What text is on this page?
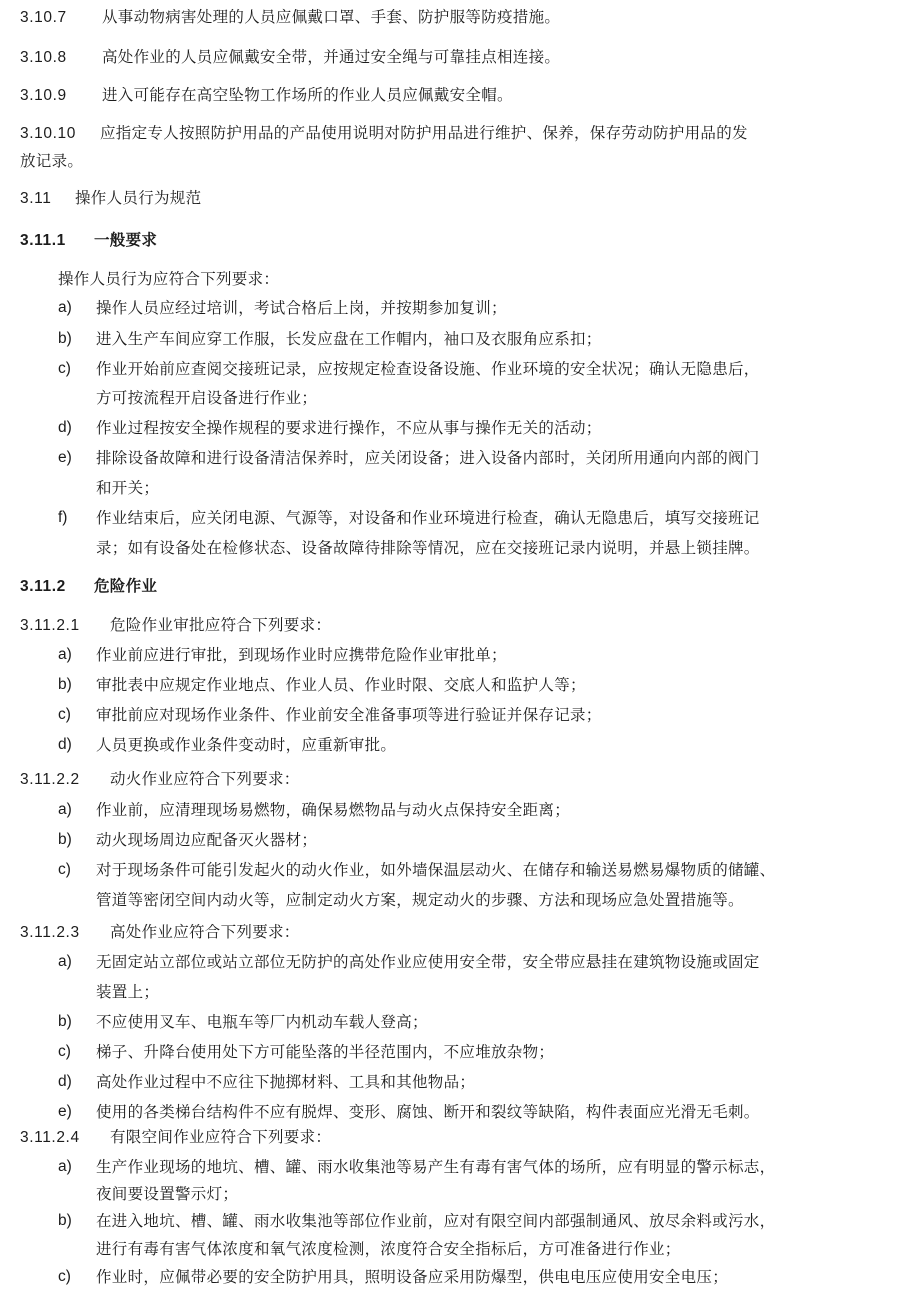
3.10.7 从事动物病害处理的人员应佩戴口罩、手套、防护服等防疫措施。
3.10.8 高处作业的人员应佩戴安全带，并通过安全绳与可靠挂点相连接。
3.10.9 进入可能存在高空坠物工作场所的作业人员应佩戴安全帽。
3.10.10 应指定专人按照防护用品的产品使用说明对防护用品进行维护、保养，保存劳动防护用品的发
放记录。
3.11 操作人员行为规范
3.11.1 一般要求
操作人员行为应符合下列要求：
a) 操作人员应经过培训，考试合格后上岗，并按期参加复训；
b) 进入生产车间应穿工作服，长发应盘在工作帽内，袖口及衣服角应系扣；
c) 作业开始前应查阅交接班记录，应按规定检查设备设施、作业环境的安全状况；确认无隐患后，
方可按流程开启设备进行作业；
d) 作业过程按安全操作规程的要求进行操作，不应从事与操作无关的活动；
e) 排除设备故障和进行设备清洁保养时，应关闭设备；进入设备内部时，关闭所用通向内部的阀门
和开关；
f) 作业结束后，应关闭电源、气源等，对设备和作业环境进行检查，确认无隐患后，填写交接班记
录；如有设备处在检修状态、设备故障待排除等情况，应在交接班记录内说明，并悬上锁挂牌。
3.11.2 危险作业
3.11.2.1 危险作业审批应符合下列要求：
a) 作业前应进行审批，到现场作业时应携带危险作业审批单；
b) 审批表中应规定作业地点、作业人员、作业时限、交底人和监护人等；
c) 审批前应对现场作业条件、作业前安全准备事项等进行验证并保存记录；
d) 人员更换或作业条件变动时，应重新审批。
3.11.2.2 动火作业应符合下列要求：
a) 作业前，应清理现场易燃物，确保易燃物品与动火点保持安全距离；
b) 动火现场周边应配备灭火器材；
c) 对于现场条件可能引发起火的动火作业，如外墙保温层动火、在储存和输送易燃易爆物质的储罐、
管道等密闭空间内动火等，应制定动火方案，规定动火的步骤、方法和现场应急处置措施等。
3.11.2.3 高处作业应符合下列要求：
a) 无固定站立部位或站立部位无防护的高处作业应使用安全带，安全带应悬挂在建筑物设施或固定
装置上；
b) 不应使用叉车、电瓶车等厂内机动车载人登高；
c) 梯子、升降台使用处下方可能坠落的半径范围内，不应堆放杂物；
d) 高处作业过程中不应往下抛掷材料、工具和其他物品；
e) 使用的各类梯台结构件不应有脱焊、变形、腐蚀、断开和裂纹等缺陷，构件表面应光滑无毛刺。
3.11.2.4 有限空间作业应符合下列要求：
a) 生产作业现场的地坑、槽、罐、雨水收集池等易产生有毒有害气体的场所，应有明显的警示标志，
夜间要设置警示灯；
b) 在进入地坑、槽、罐、雨水收集池等部位作业前，应对有限空间内部强制通风、放尽余料或污水，
进行有毒有害气体浓度和氧气浓度检测，浓度符合安全指标后，方可准备进行作业；
c) 作业时，应佩带必要的安全防护用具，照明设备应采用防爆型，供电电压应使用安全电压；
